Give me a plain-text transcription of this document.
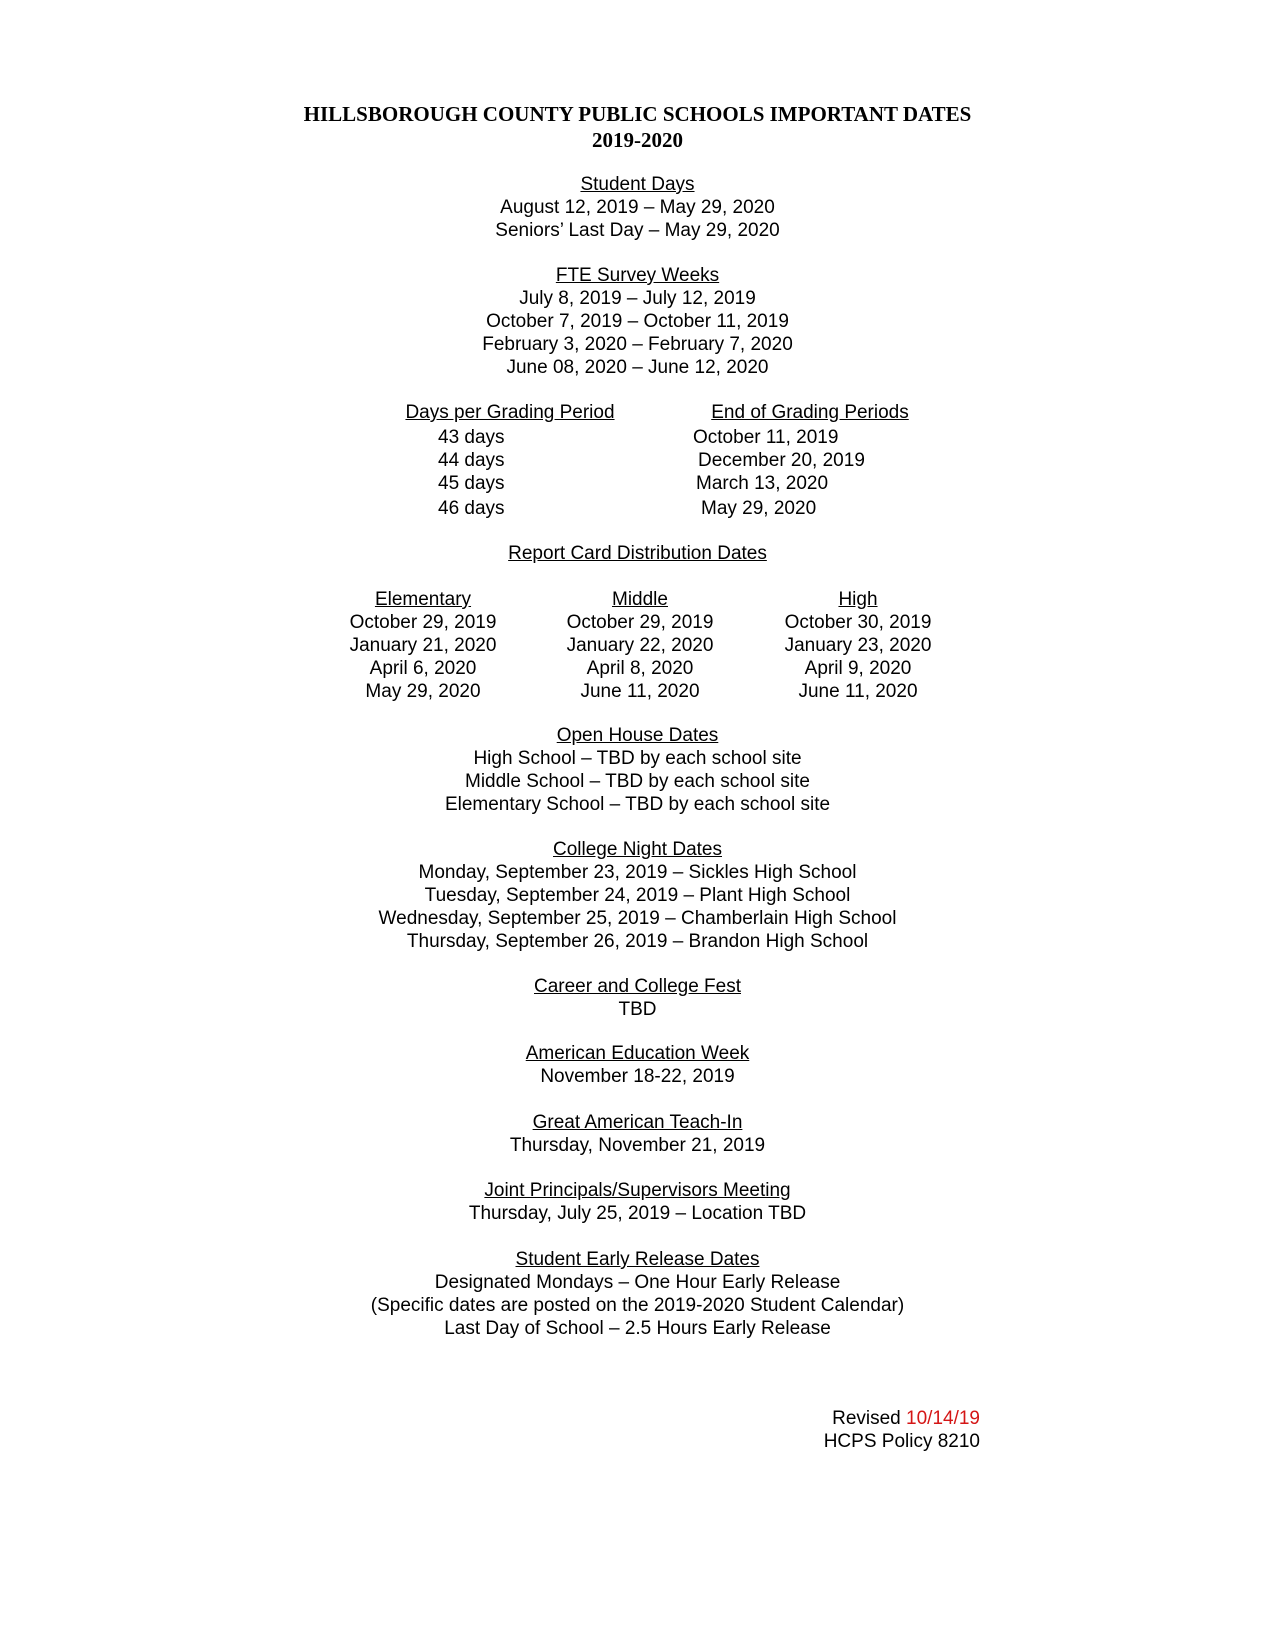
HILLSBOROUGH COUNTY PUBLIC SCHOOLS IMPORTANT DATES
2019-2020
Student Days
August 12, 2019 – May 29, 2020
Seniors’ Last Day – May 29, 2020
FTE Survey Weeks
July 8, 2019 – July 12, 2019
October 7, 2019 – October 11, 2019
February 3, 2020 – February 7, 2020
June 08, 2020 – June 12, 2020
Days per Grading Period
43 days
44 days
45 days
46 days
End of Grading Periods
October 11, 2019
December 20, 2019
March 13, 2020
May 29, 2020
Report Card Distribution Dates
Elementary
October 29, 2019
January 21, 2020
April 6, 2020
May 29, 2020
Middle
October 29, 2019
January 22, 2020
April 8, 2020
June 11, 2020
High
October 30, 2019
January 23, 2020
April 9, 2020
June 11, 2020
Open House Dates
High School – TBD by each school site
Middle School – TBD by each school site
Elementary School – TBD by each school site
College Night Dates
Monday, September 23, 2019 – Sickles High School
Tuesday, September 24, 2019 – Plant High School
Wednesday, September 25, 2019 – Chamberlain High School
Thursday, September 26, 2019 – Brandon High School
Career and College Fest
TBD
American Education Week
November 18-22, 2019
Great American Teach-In
Thursday, November 21, 2019
Joint Principals/Supervisors Meeting
Thursday, July 25, 2019 – Location TBD
Student Early Release Dates
Designated Mondays – One Hour Early Release
(Specific dates are posted on the 2019-2020 Student Calendar)
Last Day of School – 2.5 Hours Early Release
Revised 10/14/19
HCPS Policy 8210
